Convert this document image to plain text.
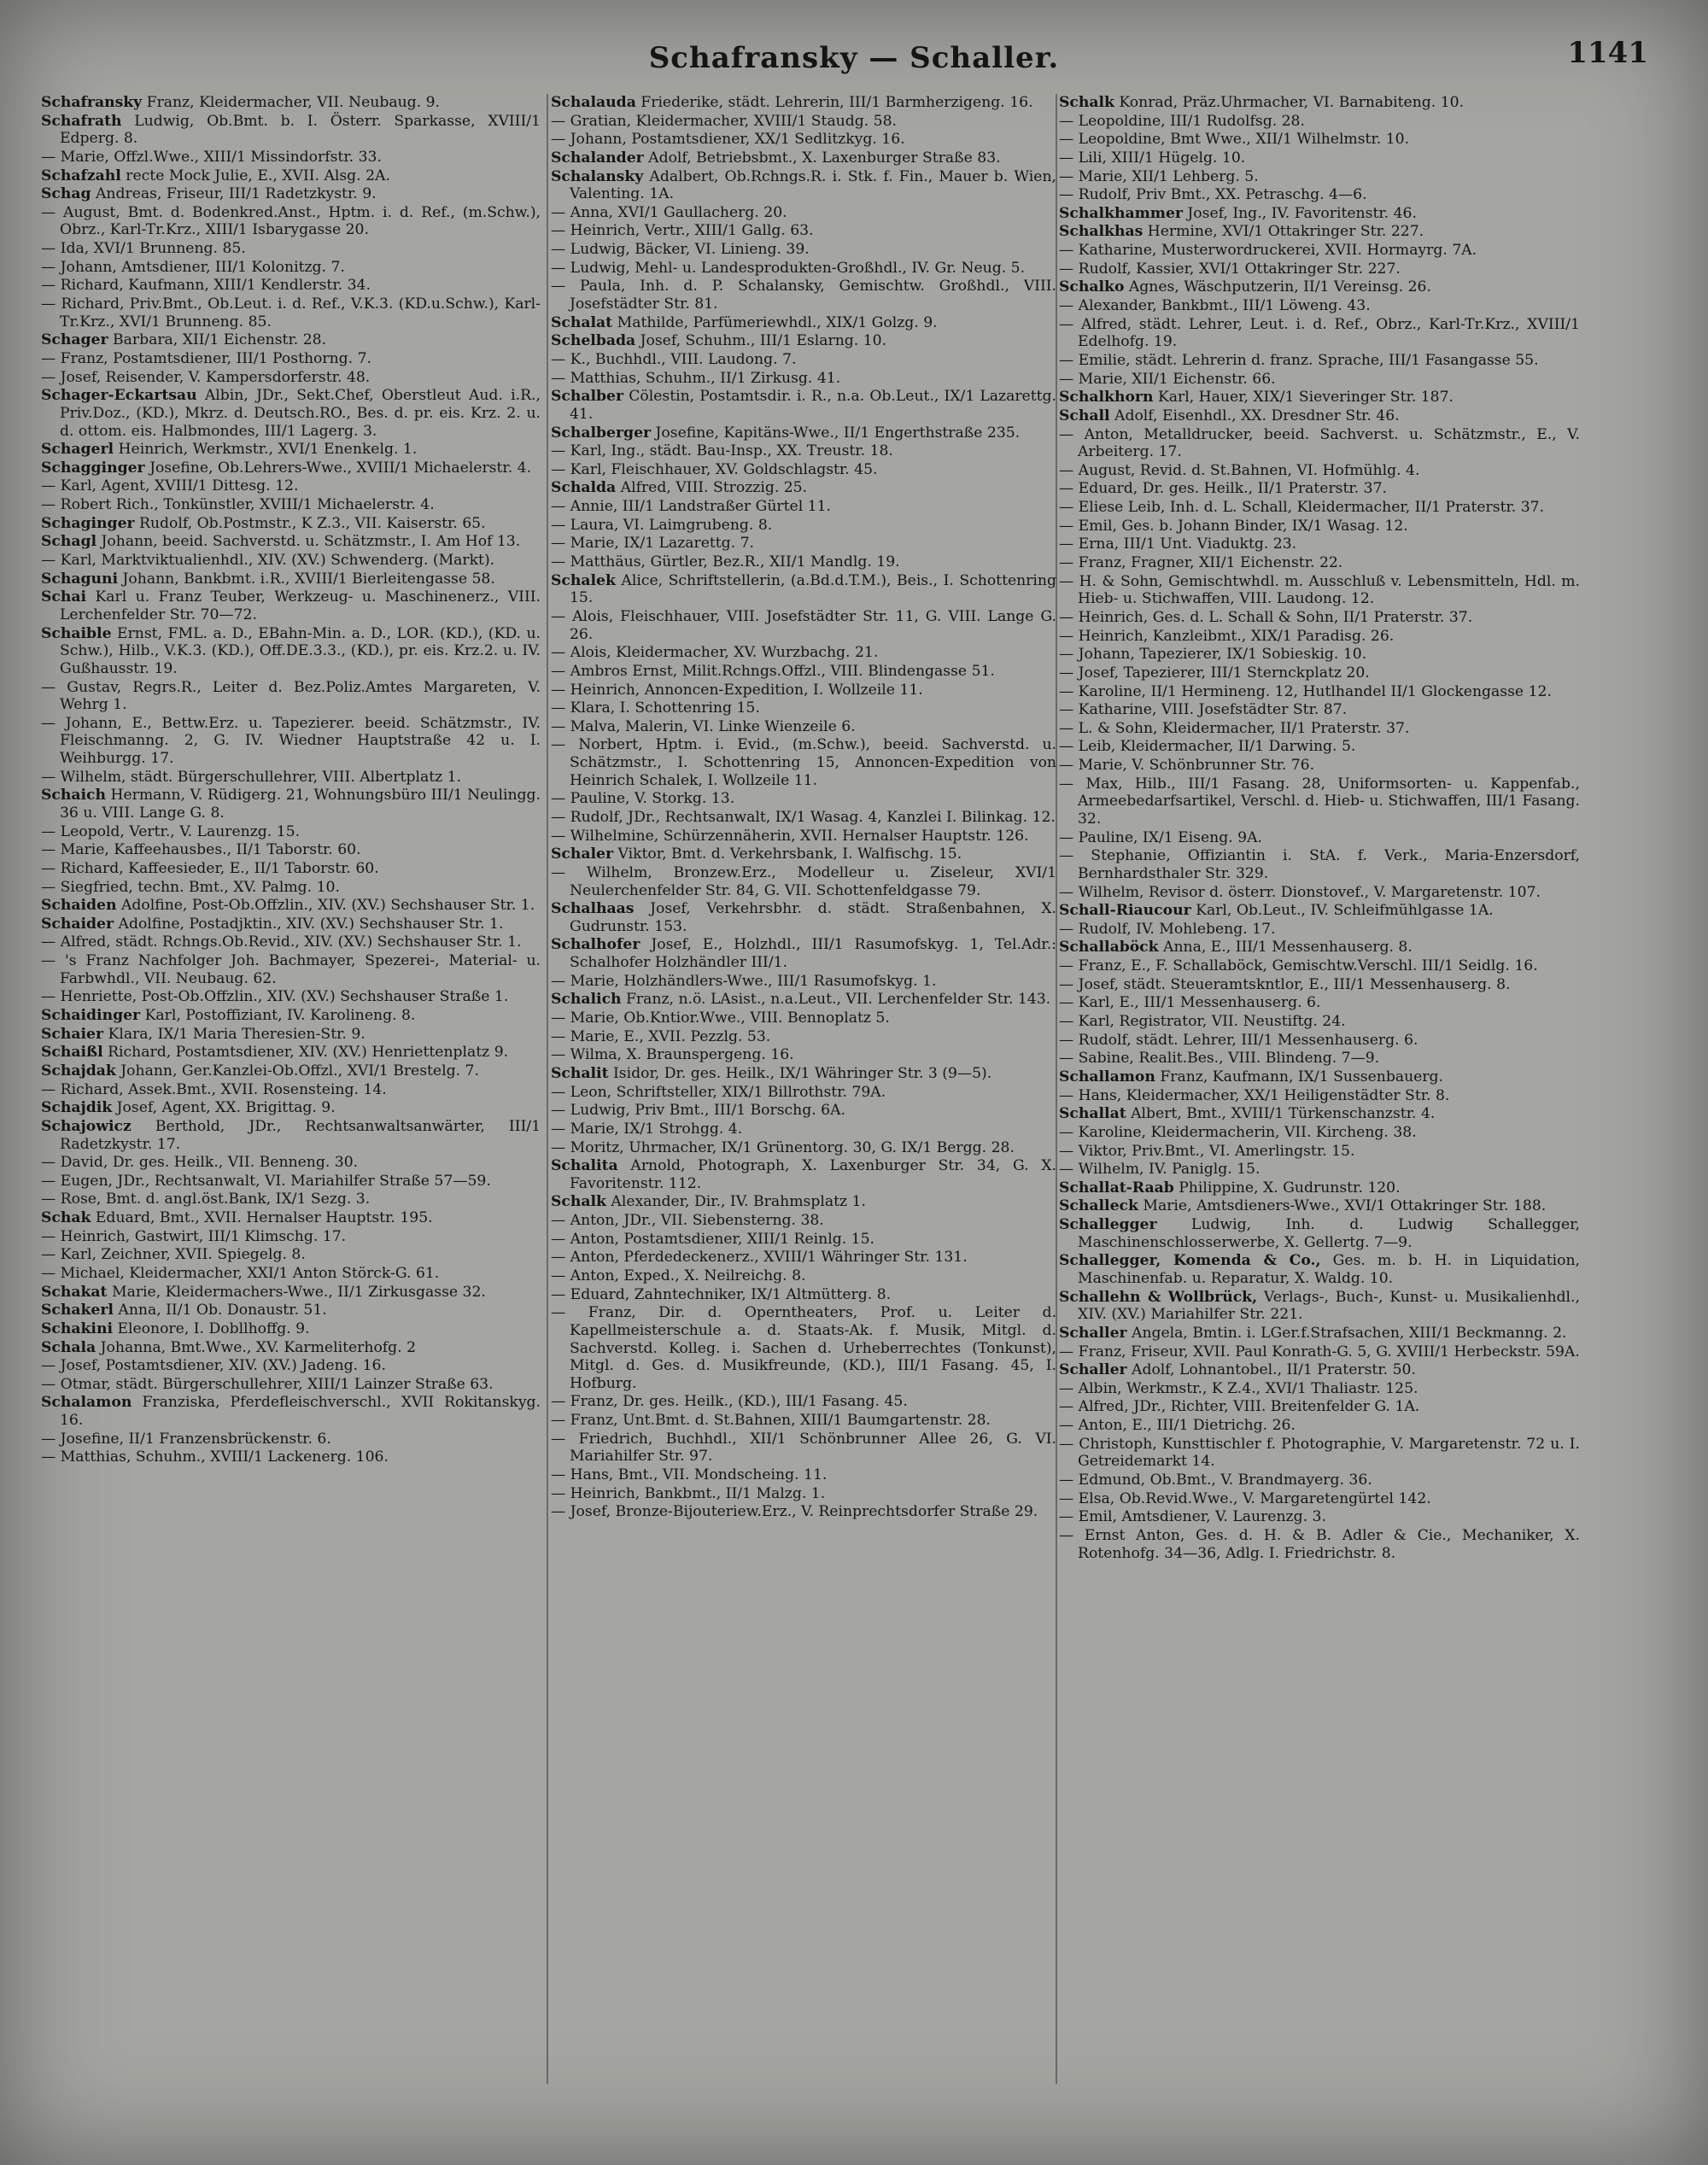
Schafransky — Schaller.	1141
Schafransky Franz, Kleidermacher, VII. Neubaug. 9.
Schafrath Ludwig, Ob.Bmt. b. I. Österr. Sparkasse, XVIII/1 Edperg. 8.
— Marie, Offzl.Wwe., XIII/1 Missindorfstr. 33.
Schafzahl recte Mock Julie, E., XVII. Alsg. 2A.
Schag Andreas, Friseur, III/1 Radetzkystr. 9.
— August, Bmt. d. Bodenkred.Anst., Hptm. i. d. Ref., (m.Schw.), Obrz., Karl-Tr.Krz., XIII/1 Isbarygasse 20.
— Ida, XVI/1 Brunneng. 85.
— Johann, Amtsdiener, III/1 Kolonitzg. 7.
— Richard, Kaufmann, XIII/1 Kendlerstr. 34.
— Richard, Priv.Bmt., Ob.Leut. i. d. Ref., V.K.3. (KD.u.Schw.), Karl-Tr.Krz., XVI/1 Brunneng. 85.
Schager Barbara, XII/1 Eichenstr. 28.
— Franz, Postamtsdiener, III/1 Posthorng. 7.
— Josef, Reisender, V. Kampersdorferstr. 48.
Schager-Eckartsau Albin, JDr., Sekt.Chef, Oberstleut Aud. i.R., Priv.Doz., (KD.), Mkrz. d. Deutsch.RO., Bes. d. pr. eis. Krz. 2. u. d. ottom. eis. Halbmondes, III/1 Lagerg. 3.
Schagerl Heinrich, Werkmstr., XVI/1 Enenkelg. 1.
Schagginger Josefine, Ob.Lehrers-Wwe., XVIII/1 Michaelerstr. 4.
— Karl, Agent, XVIII/1 Dittesg. 12.
— Robert Rich., Tonkünstler, XVIII/1 Michaelerstr. 4.
Schaginger Rudolf, Ob.Postmstr., K Z.3., VII. Kaiserstr. 65.
Schagl Johann, beeid. Sachverstd. u. Schätzmstr., I. Am Hof 13.
— Karl, Marktviktualienhdl., XIV. (XV.) Schwenderg. (Markt).
Schaguni Johann, Bankbmt. i.R., XVIII/1 Bierleitengasse 58.
Schai Karl u. Franz Teuber, Werkzeug- u. Maschinenerz., VIII. Lerchenfelder Str. 70—72.
Schaible Ernst, FML. a. D., EBahn-Min. a. D., LOR. (KD.), (KD. u. Schw.), Hilb., V.K.3. (KD.), Off.DE.3.3., (KD.), pr. eis. Krz.2. u. IV. Gußhausstr. 19.
— Gustav, Regrs.R., Leiter d. Bez.Poliz.Amtes Margareten, V. Wehrg 1.
— Johann, E., Bettw.Erz. u. Tapezierer. beeid. Schätzmstr., IV. Fleischmanng. 2, G. IV. Wiedner Hauptstraße 42 u. I. Weihburgg. 17.
— Wilhelm, städt. Bürgerschullehrer, VIII. Albertplatz 1.
Schaich Hermann, V. Rüdigerg. 21, Wohnungsbüro III/1 Neulingg. 36 u. VIII. Lange G. 8.
— Leopold, Vertr., V. Laurenzg. 15.
— Marie, Kaffeehausbes., II/1 Taborstr. 60.
— Richard, Kaffeesieder, E., II/1 Taborstr. 60.
— Siegfried, techn. Bmt., XV. Palmg. 10.
Schaiden Adolfine, Post-Ob.Offzlin., XIV. (XV.) Sechshauser Str. 1.
Schaider Adolfine, Postadjktin., XIV. (XV.) Sechshauser Str. 1.
— Alfred, städt. Rchngs.Ob.Revid., XIV. (XV.) Sechshauser Str. 1.
— 's Franz Nachfolger Joh. Bachmayer, Spezerei-, Material- u. Farbwhdl., VII. Neubaug. 62.
— Henriette, Post-Ob.Offzlin., XIV. (XV.) Sechshauser Straße 1.
Schaidinger Karl, Postoffiziant, IV. Karolineng. 8.
Schaier Klara, IX/1 Maria Theresien-Str. 9.
Schaißl Richard, Postamtsdiener, XIV. (XV.) Henriettenplatz 9.
Schajdak Johann, Ger.Kanzlei-Ob.Offzl., XVI/1 Brestelg. 7.
— Richard, Assek.Bmt., XVII. Rosensteing. 14.
Schajdik Josef, Agent, XX. Brigittag. 9.
Schajowicz Berthold, JDr., Rechtsanwaltsanwärter, III/1 Radetzkystr. 17.
— David, Dr. ges. Heilk., VII. Benneng. 30.
— Eugen, JDr., Rechtsanwalt, VI. Mariahilfer Straße 57—59.
— Rose, Bmt. d. angl.öst.Bank, IX/1 Sezg. 3.
Schak Eduard, Bmt., XVII. Hernalser Hauptstr. 195.
— Heinrich, Gastwirt, III/1 Klimschg. 17.
— Karl, Zeichner, XVII. Spiegelg. 8.
— Michael, Kleidermacher, XXI/1 Anton Störck-G. 61.
Schakat Marie, Kleidermachers-Wwe., II/1 Zirkusgasse 32.
Schakerl Anna, II/1 Ob. Donaustr. 51.
Schakini Eleonore, I. Dobllhoffg. 9.
Schala Johanna, Bmt.Wwe., XV. Karmeliterhofg. 2
— Josef, Postamtsdiener, XIV. (XV.) Jadeng. 16.
— Otmar, städt. Bürgerschullehrer, XIII/1 Lainzer Straße 63.
Schalamon Franziska, Pferdefleischverschl., XVII Rokitanskyg. 16.
— Josefine, II/1 Franzensbrückenstr. 6.
— Matthias, Schuhm., XVIII/1 Lackenerg. 106.
Schalauda Friederike, städt. Lehrerin, III/1 Barmherzigeng. 16.
— Gratian, Kleidermacher, XVIII/1 Staudg. 58.
— Johann, Postamtsdiener, XX/1 Sedlitzkyg. 16.
Schalander Adolf, Betriebsbmt., X. Laxenburger Straße 83.
Schalansky Adalbert, Ob.Rchngs.R. i. Stk. f. Fin., Mauer b. Wien, Valenting. 1A.
— Anna, XVI/1 Gaullacherg. 20.
— Heinrich, Vertr., XIII/1 Gallg. 63.
— Ludwig, Bäcker, VI. Linieng. 39.
— Ludwig, Mehl- u. Landesprodukten-Großhdl., IV. Gr. Neug. 5.
— Paula, Inh. d. P. Schalansky, Gemischtw. Großhdl., VIII. Josefstädter Str. 81.
Schalat Mathilde, Parfümeriewhdl., XIX/1 Golzg. 9.
Schelbada Josef, Schuhm., III/1 Eslarng. 10.
— K., Buchhdl., VIII. Laudong. 7.
— Matthias, Schuhm., II/1 Zirkusg. 41.
Schalber Cölestin, Postamtsdir. i. R., n.a. Ob.Leut., IX/1 Lazarettg. 41.
Schalberger Josefine, Kapitäns-Wwe., II/1 Engerthstraße 235.
— Karl, Ing., städt. Bau-Insp., XX. Treustr. 18.
— Karl, Fleischhauer, XV. Goldschlagstr. 45.
Schalda Alfred, VIII. Strozzig. 25.
— Annie, III/1 Landstraßer Gürtel 11.
— Laura, VI. Laimgrubeng. 8.
— Marie, IX/1 Lazarettg. 7.
— Matthäus, Gürtler, Bez.R., XII/1 Mandlg. 19.
Schalek Alice, Schriftstellerin, (a.Bd.d.T.M.), Beis., I. Schottenring 15.
— Alois, Fleischhauer, VIII. Josefstädter Str. 11, G. VIII. Lange G. 26.
— Alois, Kleidermacher, XV. Wurzbachg. 21.
— Ambros Ernst, Milit.Rchngs.Offzl., VIII. Blindengasse 51.
— Heinrich, Annoncen-Expedition, I. Wollzeile 11.
— Klara, I. Schottenring 15.
— Malva, Malerin, VI. Linke Wienzeile 6.
— Norbert, Hptm. i. Evid., (m.Schw.), beeid. Sachverstd. u. Schätzmstr., I. Schottenring 15, Annoncen-Expedition von Heinrich Schalek, I. Wollzeile 11.
— Pauline, V. Storkg. 13.
— Rudolf, JDr., Rechtsanwalt, IX/1 Wasag. 4, Kanzlei I. Bilinkag. 12.
— Wilhelmine, Schürzennäherin, XVII. Hernalser Hauptstr. 126.
Schaler Viktor, Bmt. d. Verkehrsbank, I. Walfischg. 15.
— Wilhelm, Bronzew.Erz., Modelleur u. Ziseleur, XVI/1 Neulerchenfelder Str. 84, G. VII. Schottenfeldgasse 79.
Schalhaas Josef, Verkehrsbhr. d. städt. Straßenbahnen, X. Gudrunstr. 153.
Schalhofer Josef, E., Holzhdl., III/1 Rasumofskyg. 1, Tel.Adr.: Schalhofer Holzhändler III/1.
— Marie, Holzhändlers-Wwe., III/1 Rasumofskyg. 1.
Schalich Franz, n.ö. LAsist., n.a.Leut., VII. Lerchenfelder Str. 143.
— Marie, Ob.Kntior.Wwe., VIII. Bennoplatz 5.
— Marie, E., XVII. Pezzlg. 53.
— Wilma, X. Braunspergeng. 16.
Schalit Isidor, Dr. ges. Heilk., IX/1 Währinger Str. 3 (9—5).
— Leon, Schriftsteller, XIX/1 Billrothstr. 79A.
— Ludwig, Priv Bmt., III/1 Borschg. 6A.
— Marie, IX/1 Strohgg. 4.
— Moritz, Uhrmacher, IX/1 Grünentorg. 30, G. IX/1 Bergg. 28.
Schalita Arnold, Photograph, X. Laxenburger Str. 34, G. X. Favoritenstr. 112.
Schalk Alexander, Dir., IV. Brahmsplatz 1.
— Anton, JDr., VII. Siebensterng. 38.
— Anton, Postamtsdiener, XIII/1 Reinlg. 15.
— Anton, Pferdedeckenerz., XVIII/1 Währinger Str. 131.
— Anton, Exped., X. Neilreichg. 8.
— Eduard, Zahntechniker, IX/1 Altmütterg. 8.
— Franz, Dir. d. Operntheaters, Prof. u. Leiter d. Kapellmeisterschule a. d. Staats-Ak. f. Musik, Mitgl. d. Sachverstd. Kolleg. i. Sachen d. Urheberrechtes (Tonkunst), Mitgl. d. Ges. d. Musikfreunde, (KD.), III/1 Fasang. 45, I. Hofburg.
— Franz, Dr. ges. Heilk., (KD.), III/1 Fasang. 45.
— Franz, Unt.Bmt. d. St.Bahnen, XIII/1 Baumgartenstr. 28.
— Friedrich, Buchhdl., XII/1 Schönbrunner Allee 26, G. VI. Mariahilfer Str. 97.
— Hans, Bmt., VII. Mondscheing. 11.
— Heinrich, Bankbmt., II/1 Malzg. 1.
— Josef, Bronze-Bijouteriew.Erz., V. Reinprechtsdorfer Straße 29.
Schalk Konrad, Präz.Uhrmacher, VI. Barnabiteng. 10.
— Leopoldine, III/1 Rudolfsg. 28.
— Leopoldine, Bmt Wwe., XII/1 Wilhelmstr. 10.
— Lili, XIII/1 Hügelg. 10.
— Marie, XII/1 Lehberg. 5.
— Rudolf, Priv Bmt., XX. Petraschg. 4—6.
Schalkhammer Josef, Ing., IV. Favoritenstr. 46.
Schalkhas Hermine, XVI/1 Ottakringer Str. 227.
— Katharine, Musterwordruckerei, XVII. Hormayrg. 7A.
— Rudolf, Kassier, XVI/1 Ottakringer Str. 227.
Schalko Agnes, Wäschputzerin, II/1 Vereinsg. 26.
— Alexander, Bankbmt., III/1 Löweng. 43.
— Alfred, städt. Lehrer, Leut. i. d. Ref., Obrz., Karl-Tr.Krz., XVIII/1 Edelhofg. 19.
— Emilie, städt. Lehrerin d. franz. Sprache, III/1 Fasangasse 55.
— Marie, XII/1 Eichenstr. 66.
Schalkhorn Karl, Hauer, XIX/1 Sieveringer Str. 187.
Schall Adolf, Eisenhdl., XX. Dresdner Str. 46.
— Anton, Metalldrucker, beeid. Sachverst. u. Schätzmstr., E., V. Arbeiterg. 17.
— August, Revid. d. St.Bahnen, VI. Hofmühlg. 4.
— Eduard, Dr. ges. Heilk., II/1 Praterstr. 37.
— Eliese Leib, Inh. d. L. Schall, Kleidermacher, II/1 Praterstr. 37.
— Emil, Ges. b. Johann Binder, IX/1 Wasag. 12.
— Erna, III/1 Unt. Viaduktg. 23.
— Franz, Fragner, XII/1 Eichenstr. 22.
— H. & Sohn, Gemischtwhdl. m. Ausschluß v. Lebensmitteln, Hdl. m. Hieb- u. Stichwaffen, VIII. Laudong. 12.
— Heinrich, Ges. d. L. Schall & Sohn, II/1 Praterstr. 37.
— Heinrich, Kanzleibmt., XIX/1 Paradisg. 26.
— Johann, Tapezierer, IX/1 Sobieskig. 10.
— Josef, Tapezierer, III/1 Sternckplatz 20.
— Karoline, II/1 Hermineng. 12, Hutlhandel II/1 Glockengasse 12.
— Katharine, VIII. Josefstädter Str. 87.
— L. & Sohn, Kleidermacher, II/1 Praterstr. 37.
— Leib, Kleidermacher, II/1 Darwing. 5.
— Marie, V. Schönbrunner Str. 76.
— Max, Hilb., III/1 Fasang. 28, Uniformsorten- u. Kappenfab., Armeebedarfsartikel, Verschl. d. Hieb- u. Stichwaffen, III/1 Fasang. 32.
— Pauline, IX/1 Eiseng. 9A.
— Stephanie, Offiziantin i. StA. f. Verk., Maria-Enzersdorf, Bernhardsthaler Str. 329.
— Wilhelm, Revisor d. österr. Dionstovef., V. Margaretenstr. 107.
Schall-Riaucour Karl, Ob.Leut., IV. Schleifmühlgasse 1A.
— Rudolf, IV. Mohlebeng. 17.
Schallaböck Anna, E., III/1 Messenhauserg. 8.
— Franz, E., F. Schallaböck, Gemischtw.Verschl. III/1 Seidlg. 16.
— Josef, städt. Steueramtskntlor, E., III/1 Messenhauserg. 8.
— Karl, E., III/1 Messenhauserg. 6.
— Karl, Registrator, VII. Neustiftg. 24.
— Rudolf, städt. Lehrer, III/1 Messenhauserg. 6.
— Sabine, Realit.Bes., VIII. Blindeng. 7—9.
Schallamon Franz, Kaufmann, IX/1 Sussenbauerg.
— Hans, Kleidermacher, XX/1 Heiligenstädter Str. 8.
Schallat Albert, Bmt., XVIII/1 Türkenschanzstr. 4.
— Karoline, Kleidermacherin, VII. Kircheng. 38.
— Viktor, Priv.Bmt., VI. Amerlingstr. 15.
— Wilhelm, IV. Paniglg. 15.
Schallat-Raab Philippine, X. Gudrunstr. 120.
Schalleck Marie, Amtsdieners-Wwe., XVI/1 Ottakringer Str. 188.
Schallegger Ludwig, Inh. d. Ludwig Schallegger, Maschinenschlosserwerbe, X. Gellertg. 7—9.
Schallegger, Komenda & Co., Ges. m. b. H. in Liquidation, Maschinenfab. u. Reparatur, X. Waldg. 10.
Schallehn & Wollbrück, Verlags-, Buch-, Kunst- u. Musikalienhdl., XIV. (XV.) Mariahilfer Str. 221.
Schaller Angela, Bmtin. i. LGer.f.Strafsachen, XIII/1 Beckmanng. 2.
— Franz, Friseur, XVII. Paul Konrath-G. 5, G. XVIII/1 Herbeckstr. 59A.
Schaller Adolf, Lohnantobel., II/1 Praterstr. 50.
— Albin, Werkmstr., K Z.4., XVI/1 Thaliastr. 125.
— Alfred, JDr., Richter, VIII. Breitenfelder G. 1A.
— Anton, E., III/1 Dietrichg. 26.
— Christoph, Kunsttischler f. Photographie, V. Margaretenstr. 72 u. I. Getreidemarkt 14.
— Edmund, Ob.Bmt., V. Brandmayerg. 36.
— Elsa, Ob.Revid.Wwe., V. Margaretengürtel 142.
— Emil, Amtsdiener, V. Laurenzg. 3.
— Ernst Anton, Ges. d. H. & B. Adler & Cie., Mechaniker, X. Rotenhofg. 34—36, Adlg. I. Friedrichstr. 8.
